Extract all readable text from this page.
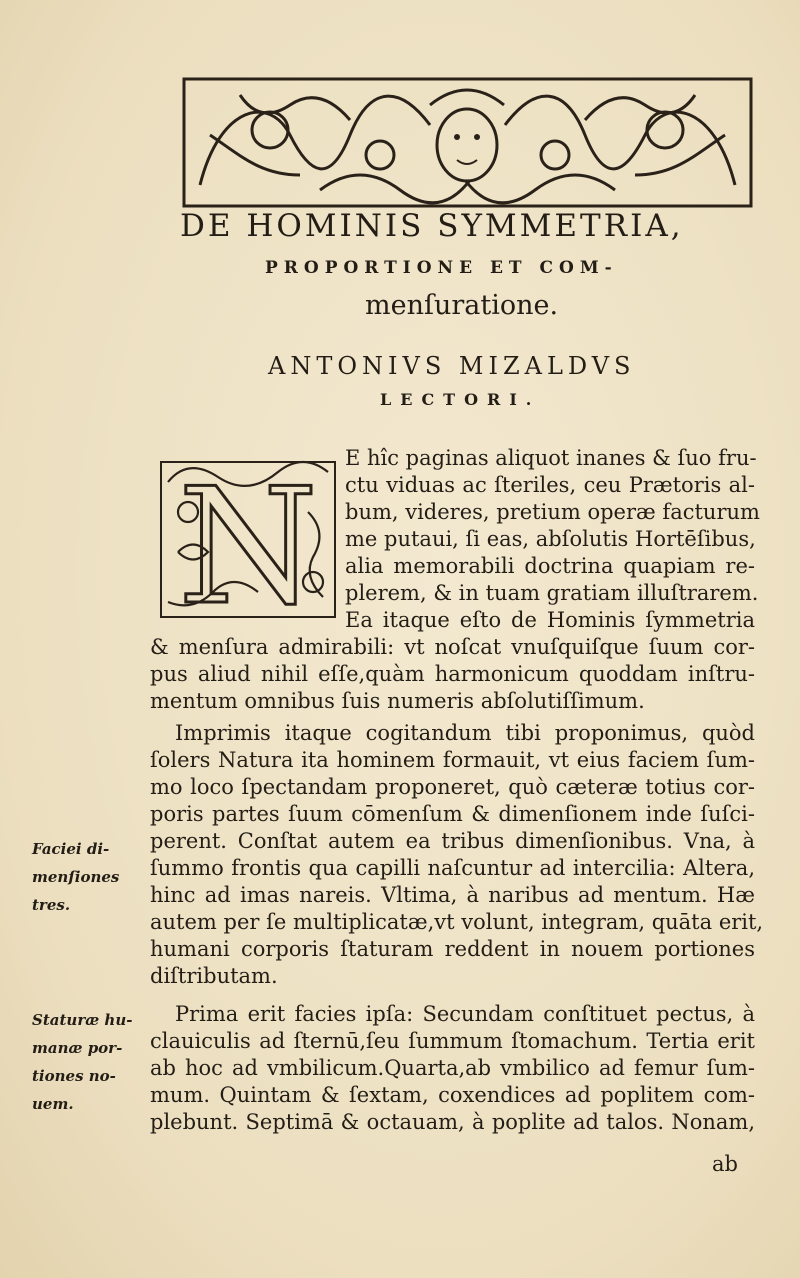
DE HOMINIS SYMMETRIA,
PROPORTIONE ET COM-
menſuratione.
ANTONIVS MIZALDVS
LECTORI.
N	E hîc paginas aliquot inanes & ſuo fru-
ctu viduas ac ſteriles, ceu Prætoris al-
bum, videres, pretium operæ facturum
me putaui, ſi eas, abſolutis Hortēſibus,
alia memorabili doctrina quapiam re-
plerem, & in tuam gratiam illuſtrarem.
Ea itaque eſto de Hominis ſymmetria
& menſura admirabili: vt noſcat vnuſquiſque ſuum cor-
pus aliud nihil eſſe,quàm harmonicum quoddam inſtru-
mentum omnibus ſuis numeris abſolutiſſimum.
Imprimis itaque cogitandum tibi proponimus, quòd
ſolers Natura ita hominem formauit, vt eius faciem ſum-
mo loco ſpectandam proponeret, quò cæteræ totius cor-
poris partes ſuum cōmenſum & dimenſionem inde ſuſci-
perent. Conſtat autem ea tribus dimenſionibus. Vna, à
ſummo frontis qua capilli naſcuntur ad intercilia: Altera,
hinc ad imas nareis. Vltima, à naribus ad mentum. Hæ
autem per ſe multiplicatæ,vt volunt, integram, quāta erit,
humani corporis ſtaturam reddent in nouem portiones
diſtributam.
Prima erit facies ipſa: Secundam conſtituet pectus, à
clauiculis ad ſternū,ſeu ſummum ſtomachum. Tertia erit
ab hoc ad vmbilicum.Quarta,ab vmbilico ad femur ſum-
mum. Quintam & ſextam, coxendices ad poplitem com-
plebunt. Septimā & octauam, à poplite ad talos. Nonam,
ab
Faciei di-
menſiones
tres.
Staturæ hu-
manæ por-
tiones no-
uem.
